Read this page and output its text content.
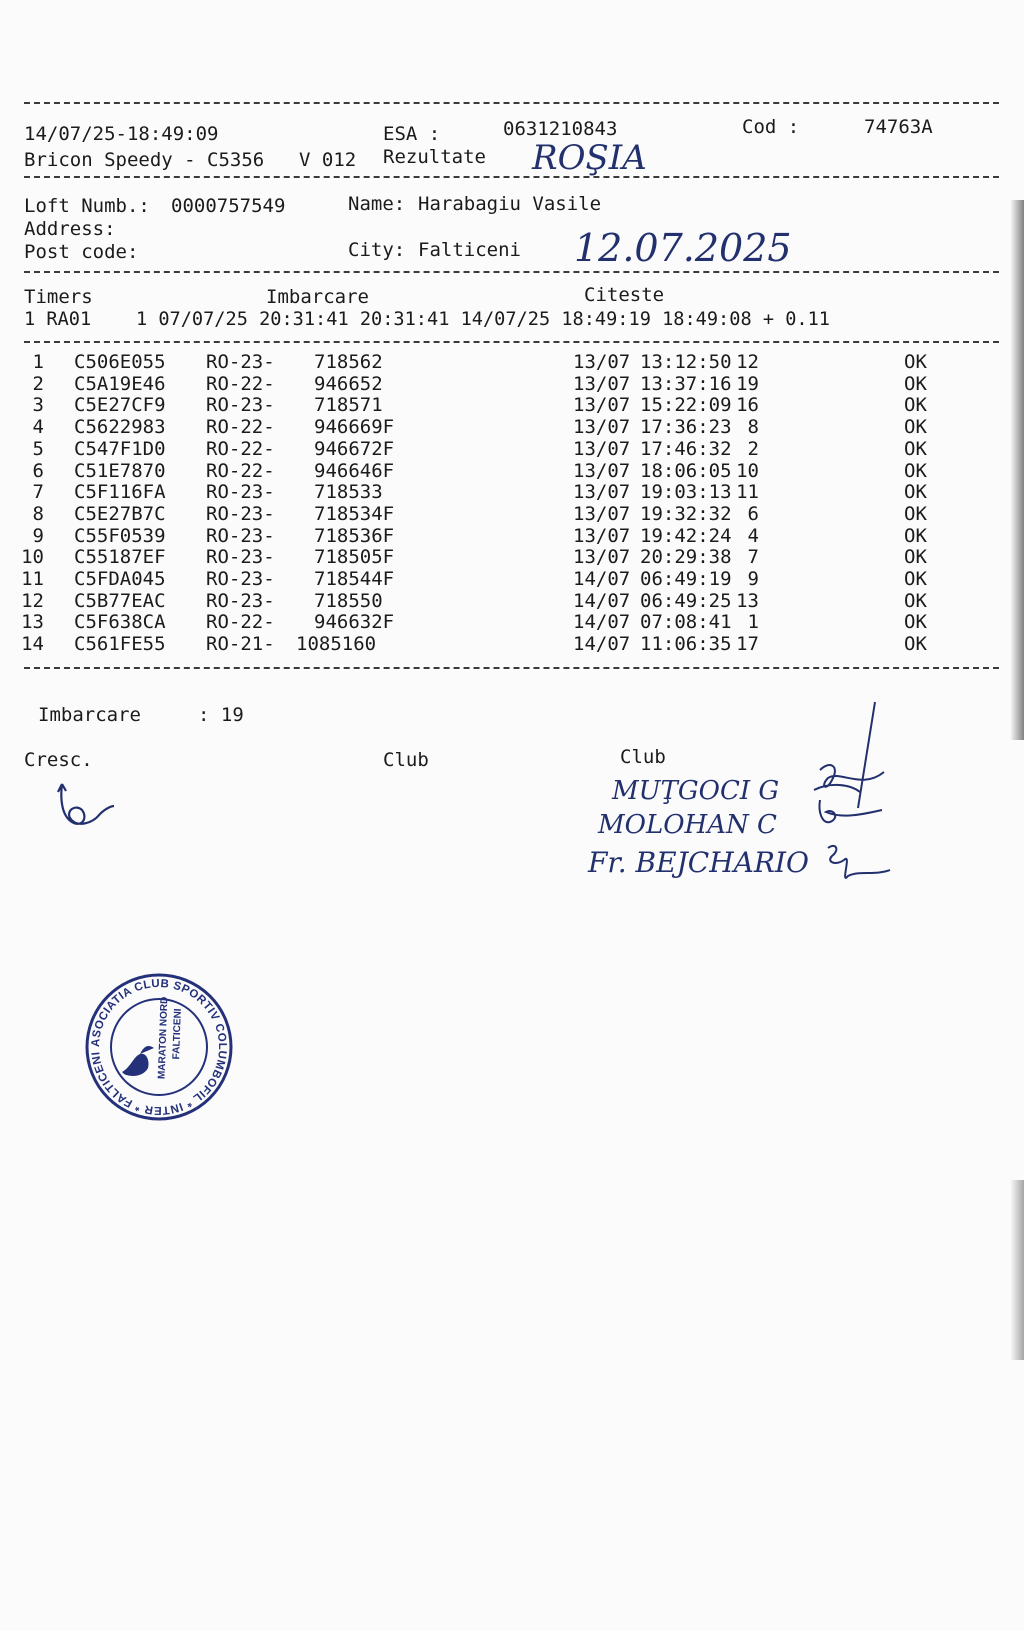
14/07/25-18:49:09	ESA :	0631210843	Cod :	74763A
Bricon Speedy - C5356 V 012 Rezultate ROŞIA
Loft Numb.: 0000757549	Name: Harabagiu Vasile
Address:
Post code:	City: Falticeni 12.07.2025
Timers	Imbarcare	Citeste
1 RA01    1 07/07/25 20:31:41 20:31:41 14/07/25 18:49:19 18:49:08 + 0.11
1 C506E055 RO-23- 718562	13/07 13:12:50 12	OK
2 C5A19E46 RO-22- 946652	13/07 13:37:16 19	OK
3 C5E27CF9 RO-23- 718571	13/07 15:22:09 16	OK
4 C5622983 RO-22- 946669F	13/07 17:36:23 8	OK
5 C547F1D0 RO-22- 946672F	13/07 17:46:32 2	OK
6 C51E7870 RO-22- 946646F	13/07 18:06:05 10	OK
7 C5F116FA RO-23- 718533	13/07 19:03:13 11	OK
8 C5E27B7C RO-23- 718534F	13/07 19:32:32 6	OK
9 C55F0539 RO-23- 718536F	13/07 19:42:24 4	OK
10 C55187EF RO-23- 718505F	13/07 20:29:38 7	OK
11 C5FDA045 RO-23- 718544F	14/07 06:49:19 9	OK
12 C5B77EAC RO-23- 718550	14/07 06:49:25 13	OK
13 C5F638CA RO-22- 946632F	14/07 07:08:41 1	OK
14 C561FE55 RO-21- 1085160	14/07 11:06:35 17	OK
Imbarcare	: 19
Cresc.	Club	Club
MUŢGOCI G
MOLOHAN C
Fr. BEJCHARIO
ASOCIATIA CLUB SPORTIV COLUMBOFIL * INTER * FALTICENI	MARATON NORD FALTICENI
